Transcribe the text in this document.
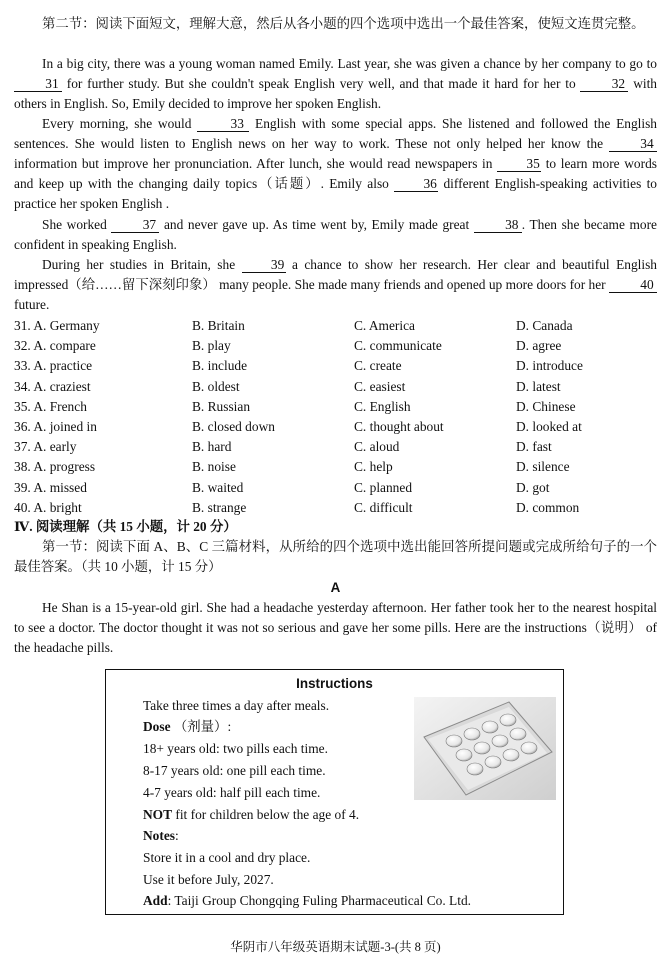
第二节：阅读下面短文，理解大意，然后从各小题的四个选项中选出一个最佳答案，使短文连贯完整。
In a big city, there was a young woman named Emily. Last year, she was given a chance by her company to go to 31 for further study. But she couldn't speak English very well, and that made it hard for her to 32 with others in English. So, Emily decided to improve her spoken English.
Every morning, she would 33 English with some special apps. She listened and followed the English sentences. She would listen to English news on her way to work. These not only helped her know the 34 information but improve her pronunciation. After lunch, she would read newspapers in 35 to learn more words and keep up with the changing daily topics（话题）. Emily also 36 different English-speaking activities to practice her spoken English .
She worked 37 and never gave up. As time went by, Emily made great 38 . Then she became more confident in speaking English.
During her studies in Britain, she 39 a chance to show her research. Her clear and beautiful English impressed（给……留下深刻印象） many people. She made many friends and opened up more doors for her 40 future.
31. A. Germany	B. Britain	C. America	D. Canada
32. A. compare	B. play	C. communicate	D. agree
33. A. practice	B. include	C. create	D. introduce
34. A. craziest	B. oldest	C. easiest	D. latest
35. A. French	B. Russian	C. English	D. Chinese
36. A. joined in	B. closed down	C. thought about	D. looked at
37. A. early	B. hard	C. aloud	D. fast
38. A. progress	B. noise	C. help	D. silence
39. A. missed	B. waited	C. planned	D. got
40. A. bright	B. strange	C. difficult	D. common
Ⅳ. 阅读理解（共 15 小题，计 20 分）
第一节：阅读下面 A、B、C 三篇材料，从所给的四个选项中选出能回答所提问题或完成所给句子的一个最佳答案。（共 10 小题，计 15 分）
A
He Shan is a 15-year-old girl. She had a headache yesterday afternoon. Her father took her to the nearest hospital to see a doctor. The doctor thought it was not so serious and gave her some pills. Here are the instructions（说明） of the headache pills.
Instructions
Take three times a day after meals.
Dose （剂量）:
18+ years old: two pills each time.
8-17 years old: one pill each time.
4-7 years old: half pill each time.
NOT fit for children below the age of 4.
Notes:
Store it in a cool and dry place.
Use it before July, 2027.
Add: Taiji Group Chongqing Fuling Pharmaceutical Co. Ltd.
华阴市八年级英语期末试题-3-(共 8 页)
